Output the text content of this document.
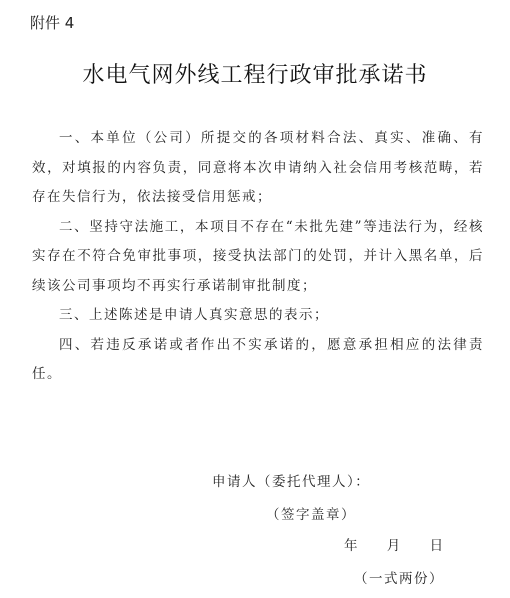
附件 4
水电气网外线工程行政审批承诺书

一、本单位（公司）所提交的各项材料合法、真实、准确、有效，对填报的内容负责，同意将本次申请纳入社会信用考核范畴，若存在失信行为，依法接受信用惩戒；

二、坚持守法施工，本项目不存在“未批先建”等违法行为，经核实存在不符合免审批事项，接受执法部门的处罚，并计入黑名单，后续该公司事项均不再实行承诺制审批制度；

三、上述陈述是申请人真实意思的表示；

四、若违反承诺或者作出不实承诺的，愿意承担相应的法律责任。

申请人（委托代理人）：
（签字盖章）
年 月 日
（一式两份）
